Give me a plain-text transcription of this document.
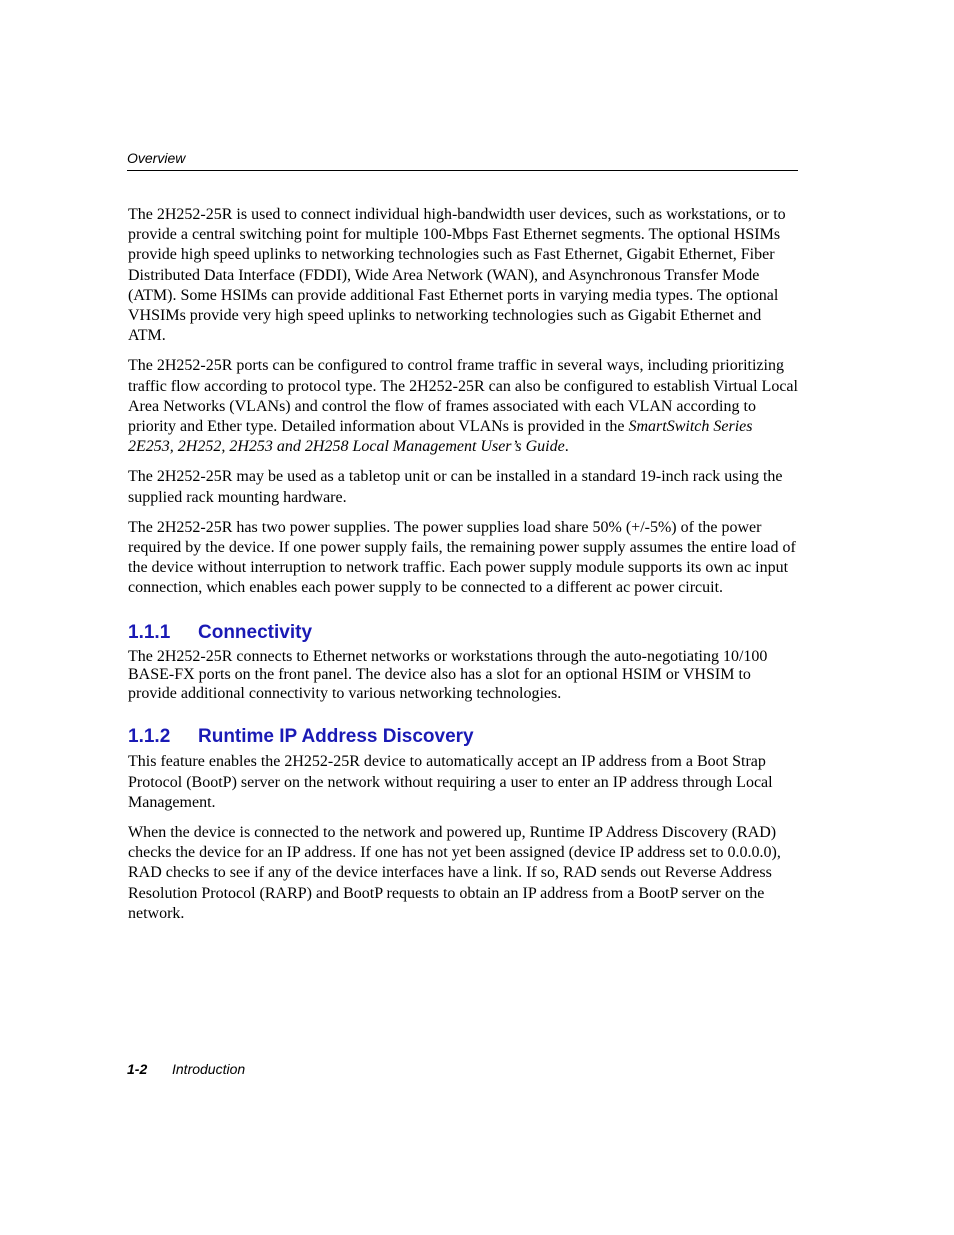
Overview

The 2H252-25R is used to connect individual high-bandwidth user devices, such as workstations, or to provide a central switching point for multiple 100-Mbps Fast Ethernet segments. The optional HSIMs provide high speed uplinks to networking technologies such as Fast Ethernet, Gigabit Ethernet, Fiber Distributed Data Interface (FDDI), Wide Area Network (WAN), and Asynchronous Transfer Mode (ATM). Some HSIMs can provide additional Fast Ethernet ports in varying media types. The optional VHSIMs provide very high speed uplinks to networking technologies such as Gigabit Ethernet and ATM.

The 2H252-25R ports can be configured to control frame traffic in several ways, including prioritizing traffic flow according to protocol type. The 2H252-25R can also be configured to establish Virtual Local Area Networks (VLANs) and control the flow of frames associated with each VLAN according to priority and Ether type. Detailed information about VLANs is provided in the SmartSwitch Series 2E253, 2H252, 2H253 and 2H258 Local Management User’s Guide.

The 2H252-25R may be used as a tabletop unit or can be installed in a standard 19-inch rack using the supplied rack mounting hardware.

The 2H252-25R has two power supplies. The power supplies load share 50% (+/-5%) of the power required by the device. If one power supply fails, the remaining power supply assumes the entire load of the device without interruption to network traffic. Each power supply module supports its own ac input connection, which enables each power supply to be connected to a different ac power circuit.

1.1.1 Connectivity

The 2H252-25R connects to Ethernet networks or workstations through the auto-negotiating 10/100 BASE-FX ports on the front panel. The device also has a slot for an optional HSIM or VHSIM to provide additional connectivity to various networking technologies.

1.1.2 Runtime IP Address Discovery

This feature enables the 2H252-25R device to automatically accept an IP address from a Boot Strap Protocol (BootP) server on the network without requiring a user to enter an IP address through Local Management.

When the device is connected to the network and powered up, Runtime IP Address Discovery (RAD) checks the device for an IP address. If one has not yet been assigned (device IP address set to 0.0.0.0), RAD checks to see if any of the device interfaces have a link. If so, RAD sends out Reverse Address Resolution Protocol (RARP) and BootP requests to obtain an IP address from a BootP server on the network.

1-2 Introduction
